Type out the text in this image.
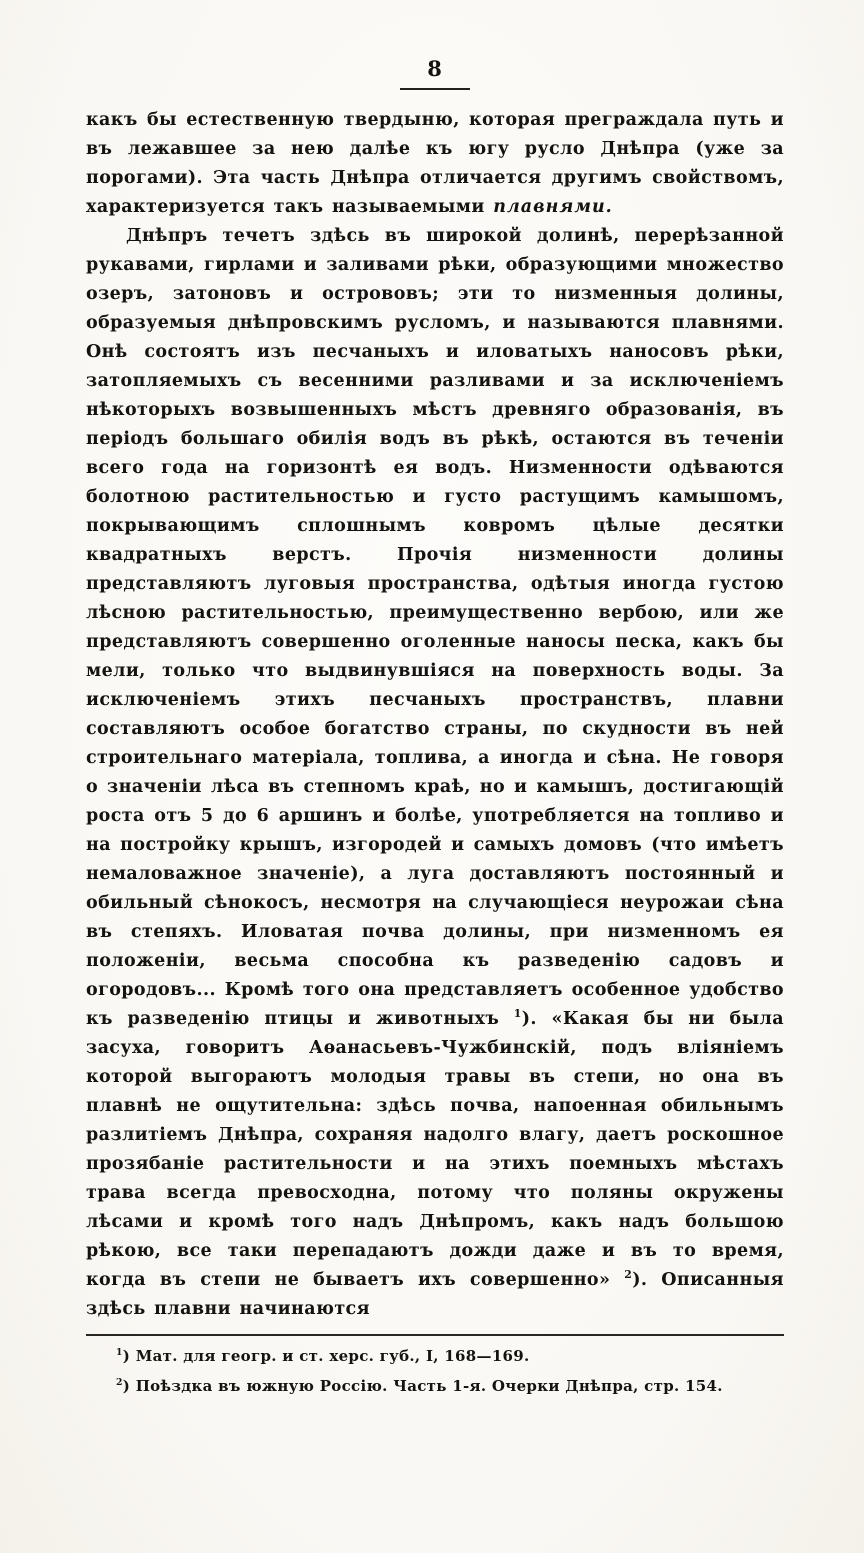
8

какъ бы естественную твердыню, которая преграждала путь и въ лежавшее за нею далѣе къ югу русло Днѣпра (уже за порогами). Эта часть Днѣпра отличается другимъ свойствомъ, характеризуется такъ называемыми плавнями.

Днѣпръ течетъ здѣсь въ широкой долинѣ, перерѣзанной рукавами, гирлами и заливами рѣки, образующими множество озеръ, затоновъ и острововъ; эти то низменныя долины, образуемыя днѣпровскимъ русломъ, и называются плавнями. Онѣ состоятъ изъ песчаныхъ и иловатыхъ наносовъ рѣки, затопляемыхъ съ весенними разливами и за исключеніемъ нѣкоторыхъ возвышенныхъ мѣстъ древняго образованія, въ періодъ большаго обилія водъ въ рѣкѣ, остаются въ теченіи всего года на горизонтѣ ея водъ. Низменности одѣваются болотною растительностью и густо растущимъ камышомъ, покрывающимъ сплошнымъ ковромъ цѣлые десятки квадратныхъ верстъ. Прочія низменности долины представляютъ луговыя пространства, одѣтыя иногда густою лѣсною растительностью, преимущественно вербою, или же представляютъ совершенно оголенные наносы песка, какъ бы мели, только что выдвинувшіяся на поверхность воды. За исключеніемъ этихъ песчаныхъ пространствъ, плавни составляютъ особое богатство страны, по скудности въ ней строительнаго матеріала, топлива, а иногда и сѣна. Не говоря о значеніи лѣса въ степномъ краѣ, но и камышъ, достигающій роста отъ 5 до 6 аршинъ и болѣе, употребляется на топливо и на постройку крышъ, изгородей и самыхъ домовъ (что имѣетъ немаловажное значеніе), а луга доставляютъ постоянный и обильный сѣнокосъ, несмотря на случающіеся неурожаи сѣна въ степяхъ. Иловатая почва долины, при низменномъ ея положеніи, весьма способна къ разведенію садовъ и огородовъ... Кромѣ того она представляетъ особенное удобство къ разведенію птицы и животныхъ $^1$). «Какая бы ни была засуха, говоритъ Аѳанасьевъ-Чужбинскій, подъ вліяніемъ которой выгораютъ молодыя травы въ степи, но она въ плавнѣ не ощутительна: здѣсь почва, напоенная обильнымъ разлитіемъ Днѣпра, сохраняя надолго влагу, даетъ роскошное прозябаніе растительности и на этихъ поемныхъ мѣстахъ трава всегда превосходна, потому что поляны окружены лѣсами и кромѣ того надъ Днѣпромъ, какъ надъ большою рѣкою, все таки перепадаютъ дожди даже и въ то время, когда въ степи не бываетъ ихъ совершенно» $^2$). Описанныя здѣсь плавни начинаются

$^1$) Мат. для геогр. и ст. херс. губ., I, 168—169.

$^2$) Поѣздка въ южную Россію. Часть 1-я. Очерки Днѣпра, стр. 154.
